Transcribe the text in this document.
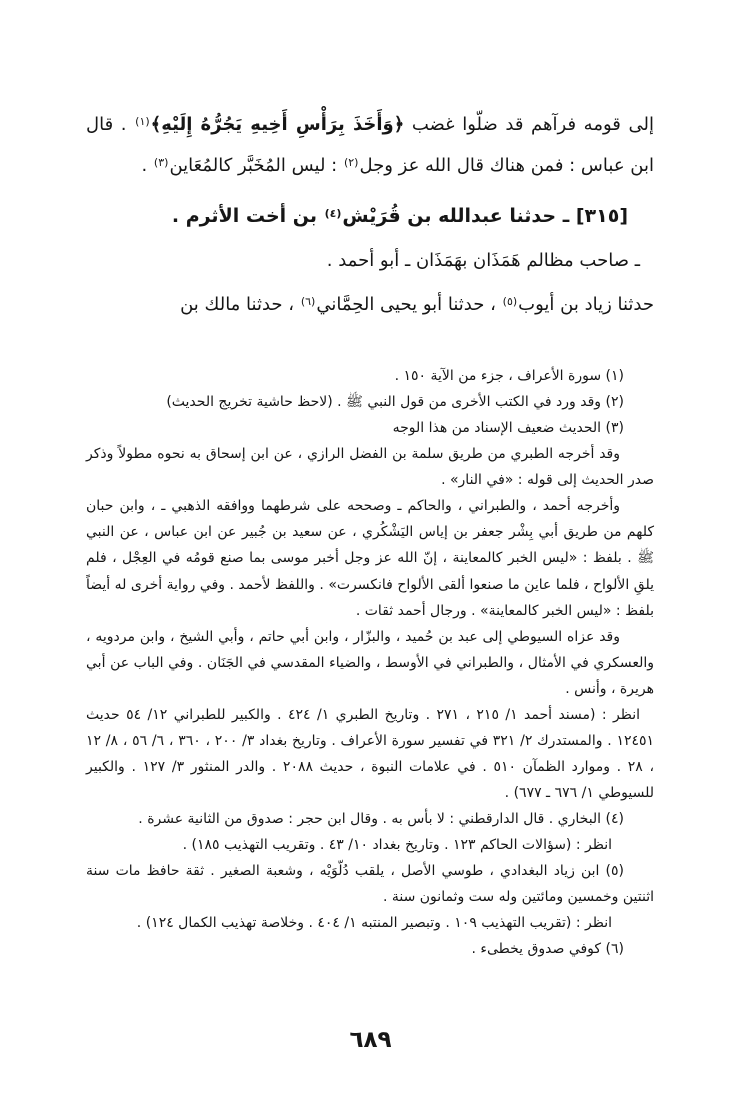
إلى قومه فرآهم قد ضلّوا غضب ﴿وَأَخَذَ بِرَأْسِ أَخِيهِ يَجُرُّهُ إِلَيْهِ﴾$^{(١)}$ . قال ابن عباس : فمن هناك قال الله عز وجل$^{(٢)}$ : ليس المُخَبَّر كالمُعَاين$^{(٣)}$ .

[٣١٥] ـ حدثنا عبدالله بن قُرَيْش$^{(٤)}$ بن أخت الأثرم .

ـ صاحب مظالم هَمَذَان بهَمَذَان ـ أبو أحمد .

حدثنا زياد بن أيوب$^{(٥)}$ ، حدثنا أبو يحيى الحِمَّاني$^{(٦)}$ ، حدثنا مالك بن

(١) سورة الأعراف ، جزء من الآية ١٥٠ .

(٢) وقد ورد في الكتب الأخرى من قول النبي ﷺ . (لاحظ حاشية تخريج الحديث)

(٣) الحديث ضعيف الإسناد من هذا الوجه

وقد أخرجه الطبري من طريق سلمة بن الفضل الرازي ، عن ابن إسحاق به نحوه مطولاً وذكر صدر الحديث إلى قوله : «في النار» .

وأخرجه أحمد ، والطبراني ، والحاكم ـ وصححه على شرطهما ووافقه الذهبي ـ ، وابن حبان كلهم من طريق أبي بِشْر جعفر بن إياس اليَشْكُري ، عن سعيد بن جُبير عن ابن عباس ، عن النبي ﷺ . بلفظ : «ليس الخبر كالمعاينة ، إنّ الله عز وجل أخبر موسى بما صنع قومُه في العِجْل ، فلم يلقِ الألواح ، فلما عاين ما صنعوا ألقى الألواح فانكسرت» . واللفظ لأحمد . وفي رواية أخرى له أيضاً بلفظ : «ليس الخبر كالمعاينة» . ورجال أحمد ثقات .

وقد عزاه السيوطي إلى عبد بن حُميد ، والبزّار ، وابن أبي حاتم ، وأبي الشيخ ، وابن مردويه ، والعسكري في الأمثال ، والطبراني في الأوسط ، والضياء المقدسي في الجَنَان . وفي الباب عن أبي هريرة ، وأنس .

انظر : (مسند أحمد ١/ ٢١٥ ، ٢٧١ . وتاريخ الطبري ١/ ٤٢٤ . والكبير للطبراني ١٢/ ٥٤ حديث ١٢٤٥١ . والمستدرك ٢/ ٣٢١ في تفسير سورة الأعراف . وتاريخ بغداد ٣/ ٢٠٠ ، ٣٦٠ ، ٦/ ٥٦ ، ٨/ ١٢ ، ٢٨ . وموارد الظمآن ٥١٠ . في علامات النبوة ، حديث ٢٠٨٨ . والدر المنثور ٣/ ١٢٧ . والكبير للسيوطي ١/ ٦٧٦ ـ ٦٧٧) .

(٤) البخاري . قال الدارقطني : لا بأس به . وقال ابن حجر : صدوق من الثانية عشرة .

انظر : (سؤالات الحاكم ١٢٣ . وتاريخ بغداد ١٠/ ٤٣ . وتقريب التهذيب ١٨٥) .

(٥) ابن زياد البغدادي ، طوسي الأصل ، يلقب دُلّوَيْه ، وشعبة الصغير . ثقة حافظ مات سنة اثنتين وخمسين ومائتين وله ست وثمانون سنة .

انظر : (تقريب التهذيب ١٠٩ . وتبصير المنتبه ١/ ٤٠٤ . وخلاصة تهذيب الكمال ١٢٤) .

(٦) كوفي صدوق يخطىء .

٦٨٩
